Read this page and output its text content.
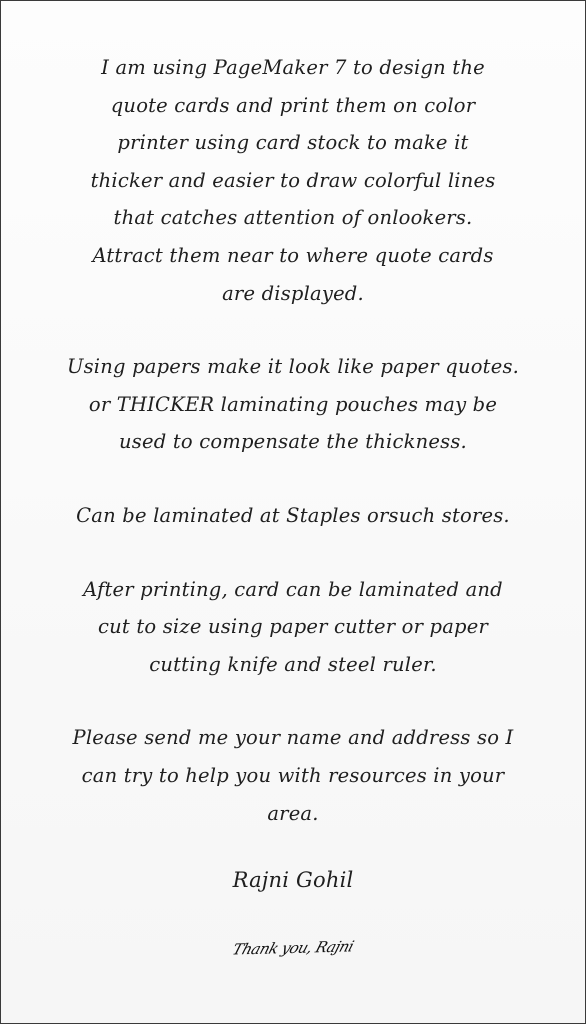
I am using PageMaker 7 to design the
quote cards and print them on color
printer using card stock to make it
thicker and easier to draw colorful lines
that catches attention of onlookers.
Attract them near to where quote cards
are displayed.

Using papers make it look like paper quotes.
or THICKER laminating pouches may be
used to compensate the thickness.

Can be laminated at Staples orsuch stores.

After printing, card can be laminated and
cut to size using paper cutter or paper
cutting knife and steel ruler.

Please send me your name and address so I
can try to help you with resources in your
area.

Rajni Gohil

Thank you, Rajni
